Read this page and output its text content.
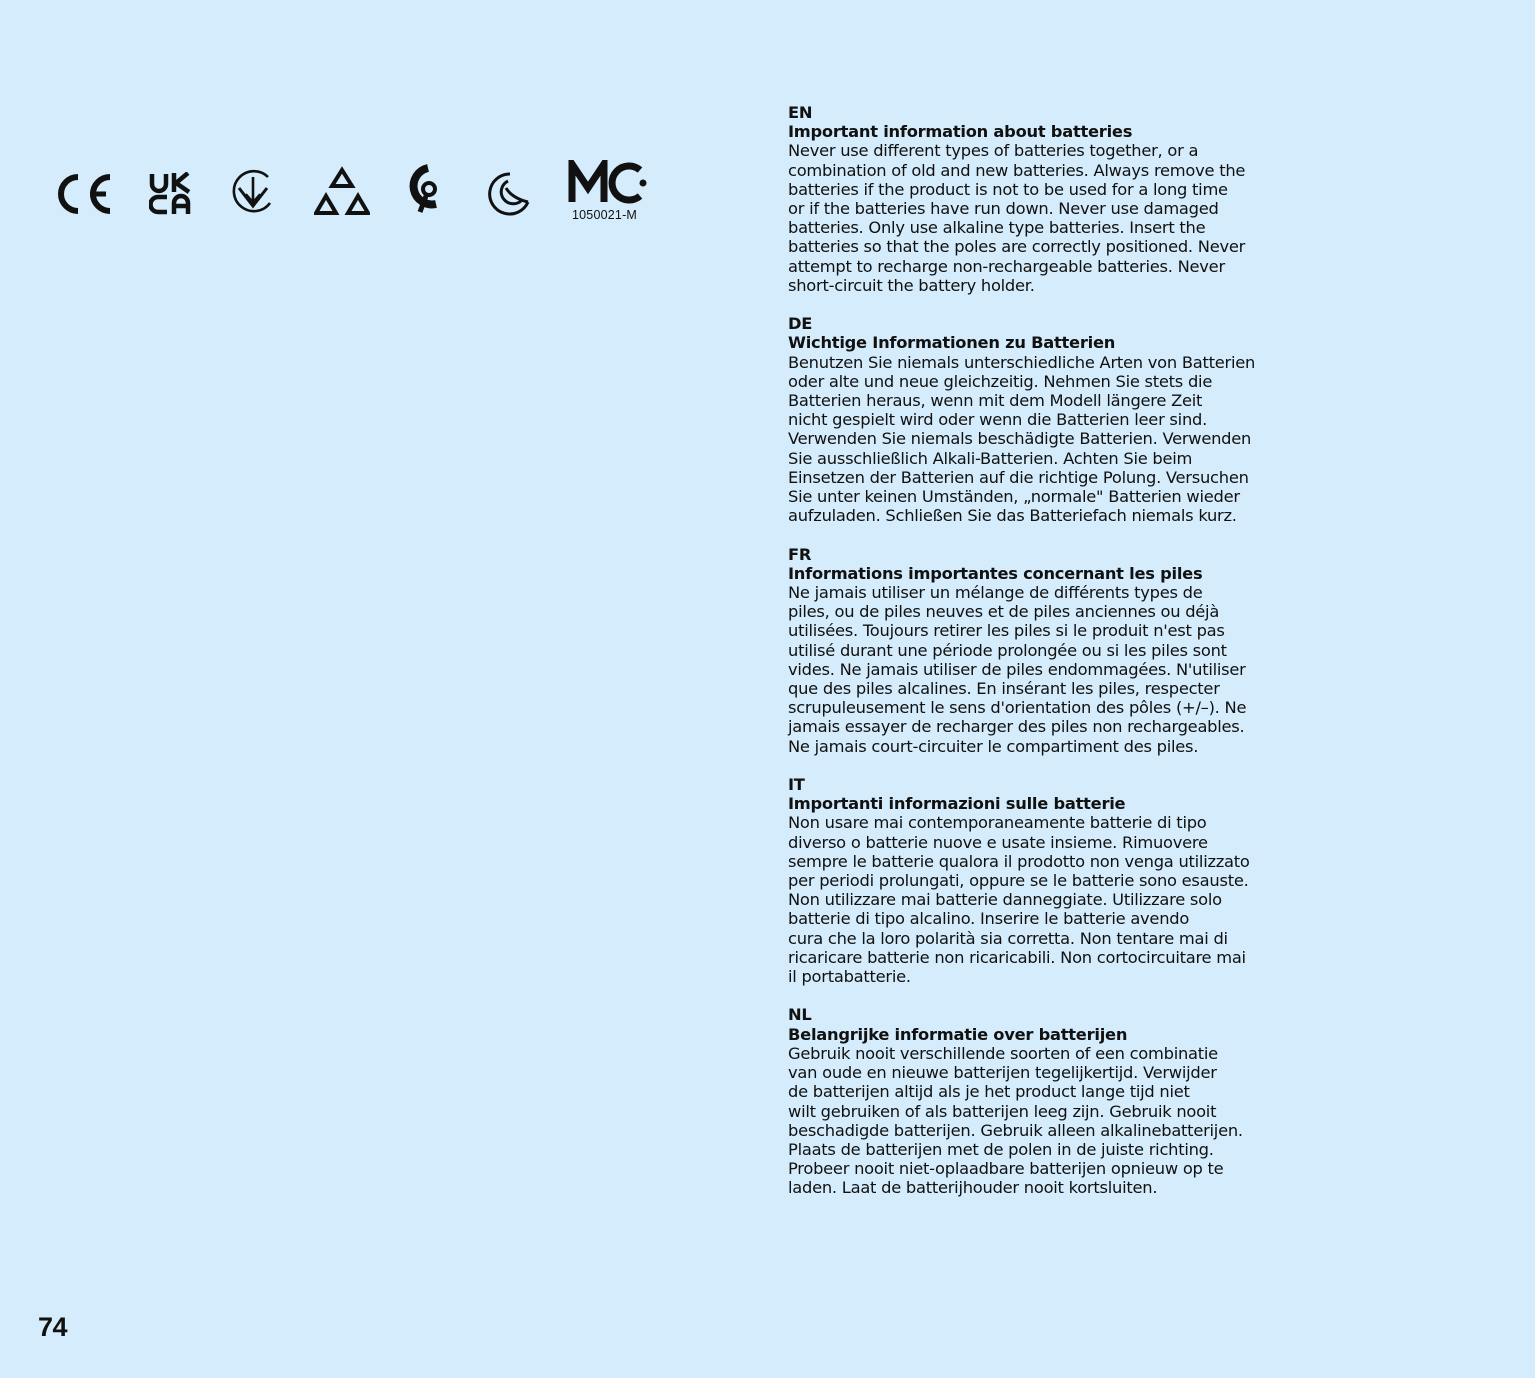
1050021-M
EN
Important information about batteries
Never use different types of batteries together, or a
combination of old and new batteries. Always remove the
batteries if the product is not to be used for a long time
or if the batteries have run down. Never use damaged
batteries. Only use alkaline type batteries. Insert the
batteries so that the poles are correctly positioned. Never
attempt to recharge non-rechargeable batteries. Never
short-circuit the battery holder.
DE
Wichtige Informationen zu Batterien
Benutzen Sie niemals unterschiedliche Arten von Batterien
oder alte und neue gleichzeitig. Nehmen Sie stets die
Batterien heraus, wenn mit dem Modell längere Zeit
nicht gespielt wird oder wenn die Batterien leer sind.
Verwenden Sie niemals beschädigte Batterien. Verwenden
Sie ausschließlich Alkali-Batterien. Achten Sie beim
Einsetzen der Batterien auf die richtige Polung. Versuchen
Sie unter keinen Umständen, „normale" Batterien wieder
aufzuladen. Schließen Sie das Batteriefach niemals kurz.
FR
Informations importantes concernant les piles
Ne jamais utiliser un mélange de différents types de
piles, ou de piles neuves et de piles anciennes ou déjà
utilisées. Toujours retirer les piles si le produit n'est pas
utilisé durant une période prolongée ou si les piles sont
vides. Ne jamais utiliser de piles endommagées. N'utiliser
que des piles alcalines. En insérant les piles, respecter
scrupuleusement le sens d'orientation des pôles (+/–). Ne
jamais essayer de recharger des piles non rechargeables.
Ne jamais court-circuiter le compartiment des piles.
IT
Importanti informazioni sulle batterie
Non usare mai contemporaneamente batterie di tipo
diverso o batterie nuove e usate insieme. Rimuovere
sempre le batterie qualora il prodotto non venga utilizzato
per periodi prolungati, oppure se le batterie sono esauste.
Non utilizzare mai batterie danneggiate. Utilizzare solo
batterie di tipo alcalino. Inserire le batterie avendo
cura che la loro polarità sia corretta. Non tentare mai di
ricaricare batterie non ricaricabili. Non cortocircuitare mai
il portabatterie.
NL
Belangrijke informatie over batterijen
Gebruik nooit verschillende soorten of een combinatie
van oude en nieuwe batterijen tegelijkertijd. Verwijder
de batterijen altijd als je het product lange tijd niet
wilt gebruiken of als batterijen leeg zijn. Gebruik nooit
beschadigde batterijen. Gebruik alleen alkalinebatterijen.
Plaats de batterijen met de polen in de juiste richting.
Probeer nooit niet-oplaadbare batterijen opnieuw op te
laden. Laat de batterijhouder nooit kortsluiten.
74
